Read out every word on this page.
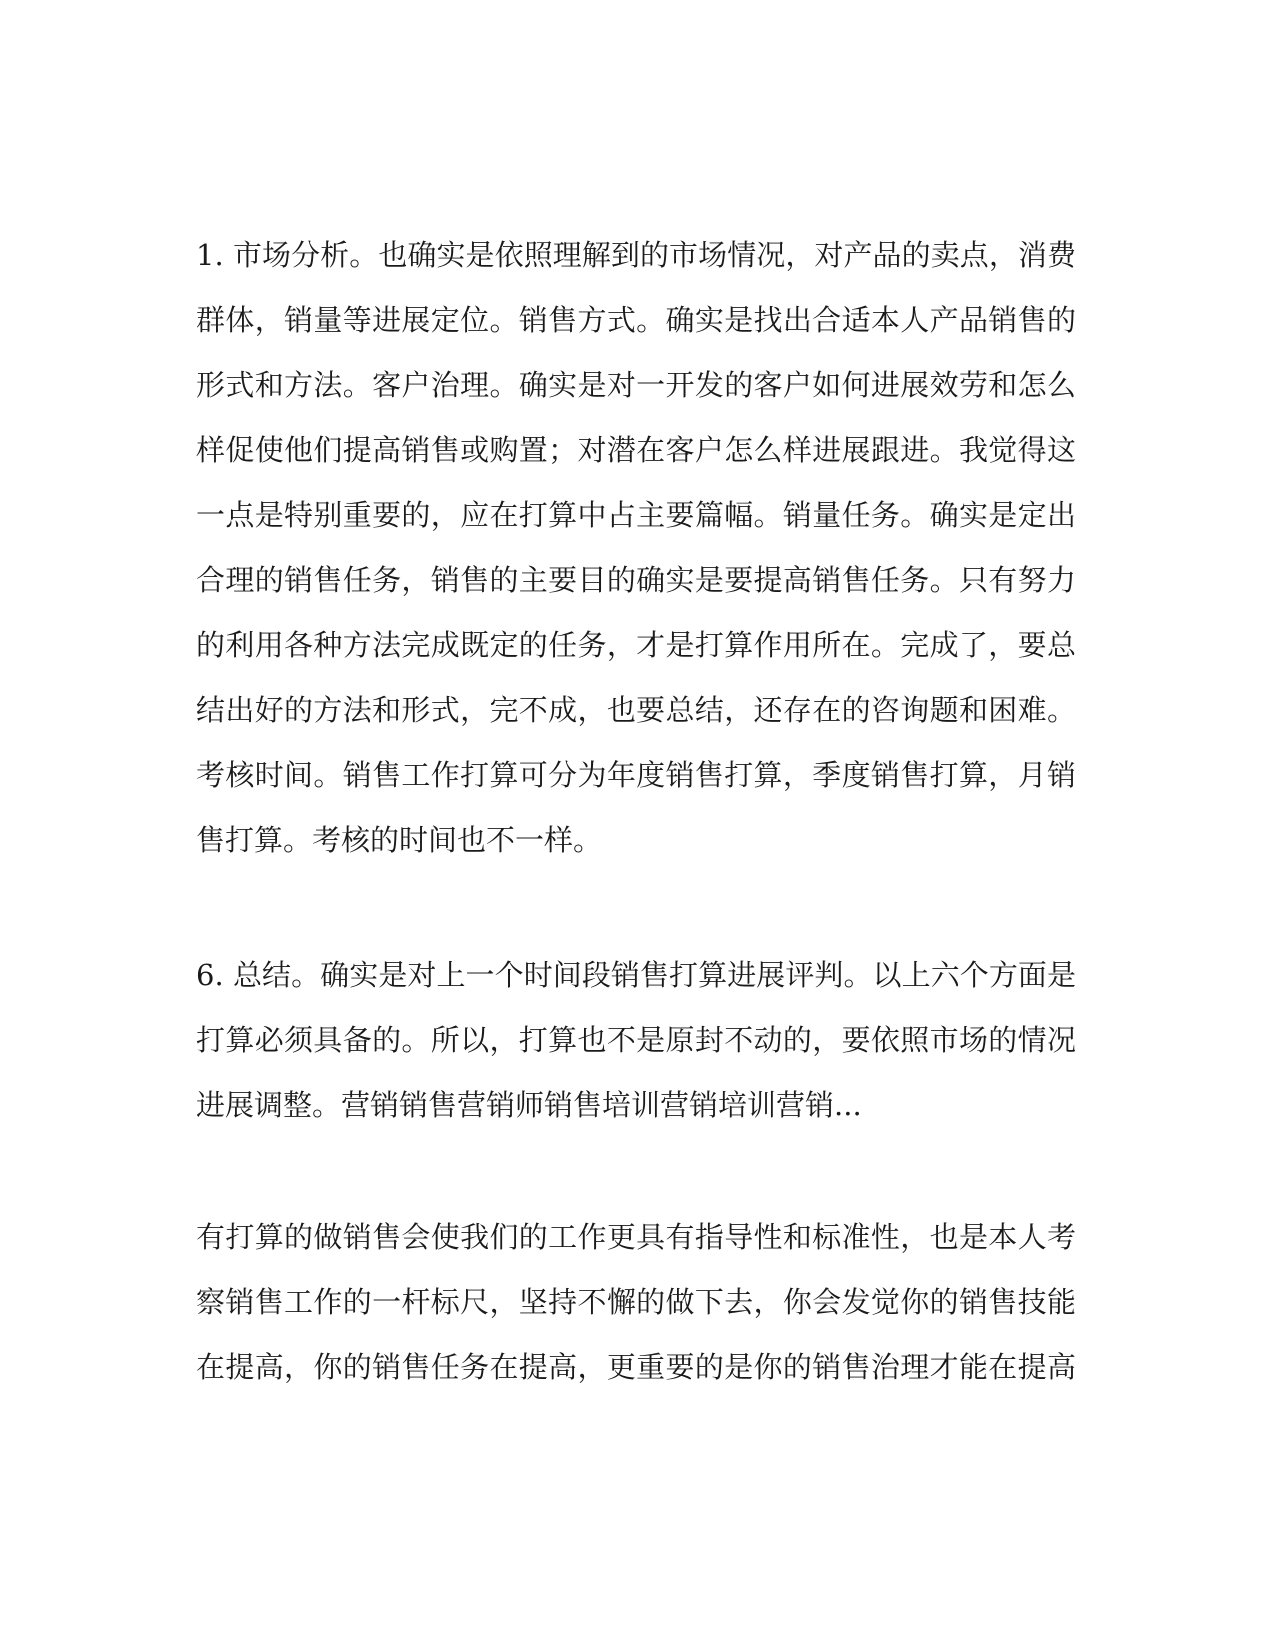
1. 市场分析。也确实是依照理解到的市场情况，对产品的卖点，消费
群体，销量等进展定位。销售方式。确实是找出合适本人产品销售的
形式和方法。客户治理。确实是对一开发的客户如何进展效劳和怎么
样促使他们提高销售或购置；对潜在客户怎么样进展跟进。我觉得这
一点是特别重要的，应在打算中占主要篇幅。销量任务。确实是定出
合理的销售任务，销售的主要目的确实是要提高销售任务。只有努力
的利用各种方法完成既定的任务，才是打算作用所在。完成了，要总
结出好的方法和形式，完不成，也要总结，还存在的咨询题和困难。
考核时间。销售工作打算可分为年度销售打算，季度销售打算，月销
售打算。考核的时间也不一样。
6. 总结。确实是对上一个时间段销售打算进展评判。以上六个方面是
打算必须具备的。所以，打算也不是原封不动的，要依照市场的情况
进展调整。营销销售营销师销售培训营销培训营销...
有打算的做销售会使我们的工作更具有指导性和标准性，也是本人考
察销售工作的一杆标尺，坚持不懈的做下去，你会发觉你的销售技能
在提高，你的销售任务在提高，更重要的是你的销售治理才能在提高
